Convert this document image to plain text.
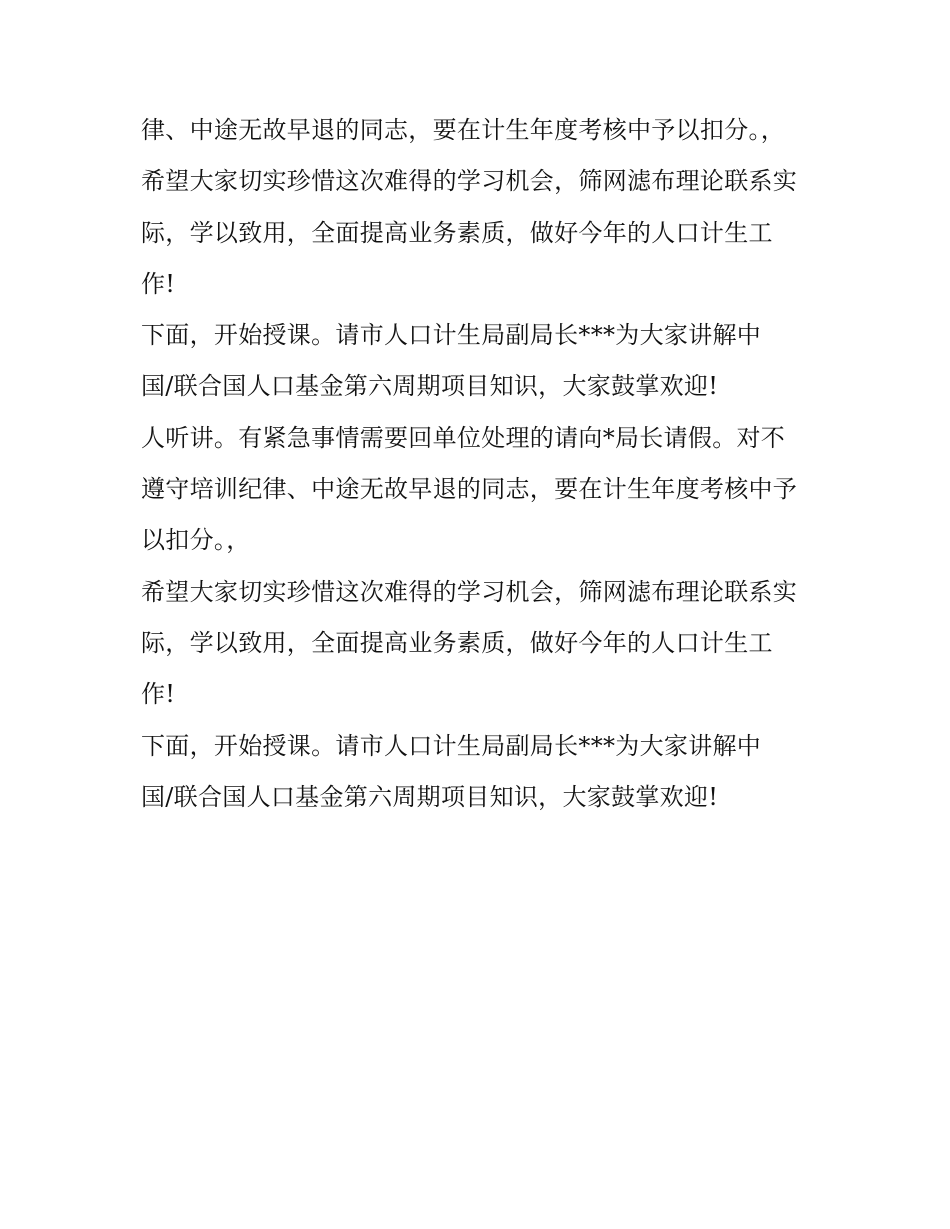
律、中途无故早退的同志，要在计生年度考核中予以扣分。，
希望大家切实珍惜这次难得的学习机会，筛网滤布理论联系实
际，学以致用，全面提高业务素质，做好今年的人口计生工
作!
下面，开始授课。请市人口计生局副局长***为大家讲解中
国/联合国人口基金第六周期项目知识，大家鼓掌欢迎!
人听讲。有紧急事情需要回单位处理的请向*局长请假。对不
遵守培训纪律、中途无故早退的同志，要在计生年度考核中予
以扣分。，
希望大家切实珍惜这次难得的学习机会，筛网滤布理论联系实
际，学以致用，全面提高业务素质，做好今年的人口计生工
作!
下面，开始授课。请市人口计生局副局长***为大家讲解中
国/联合国人口基金第六周期项目知识，大家鼓掌欢迎!
